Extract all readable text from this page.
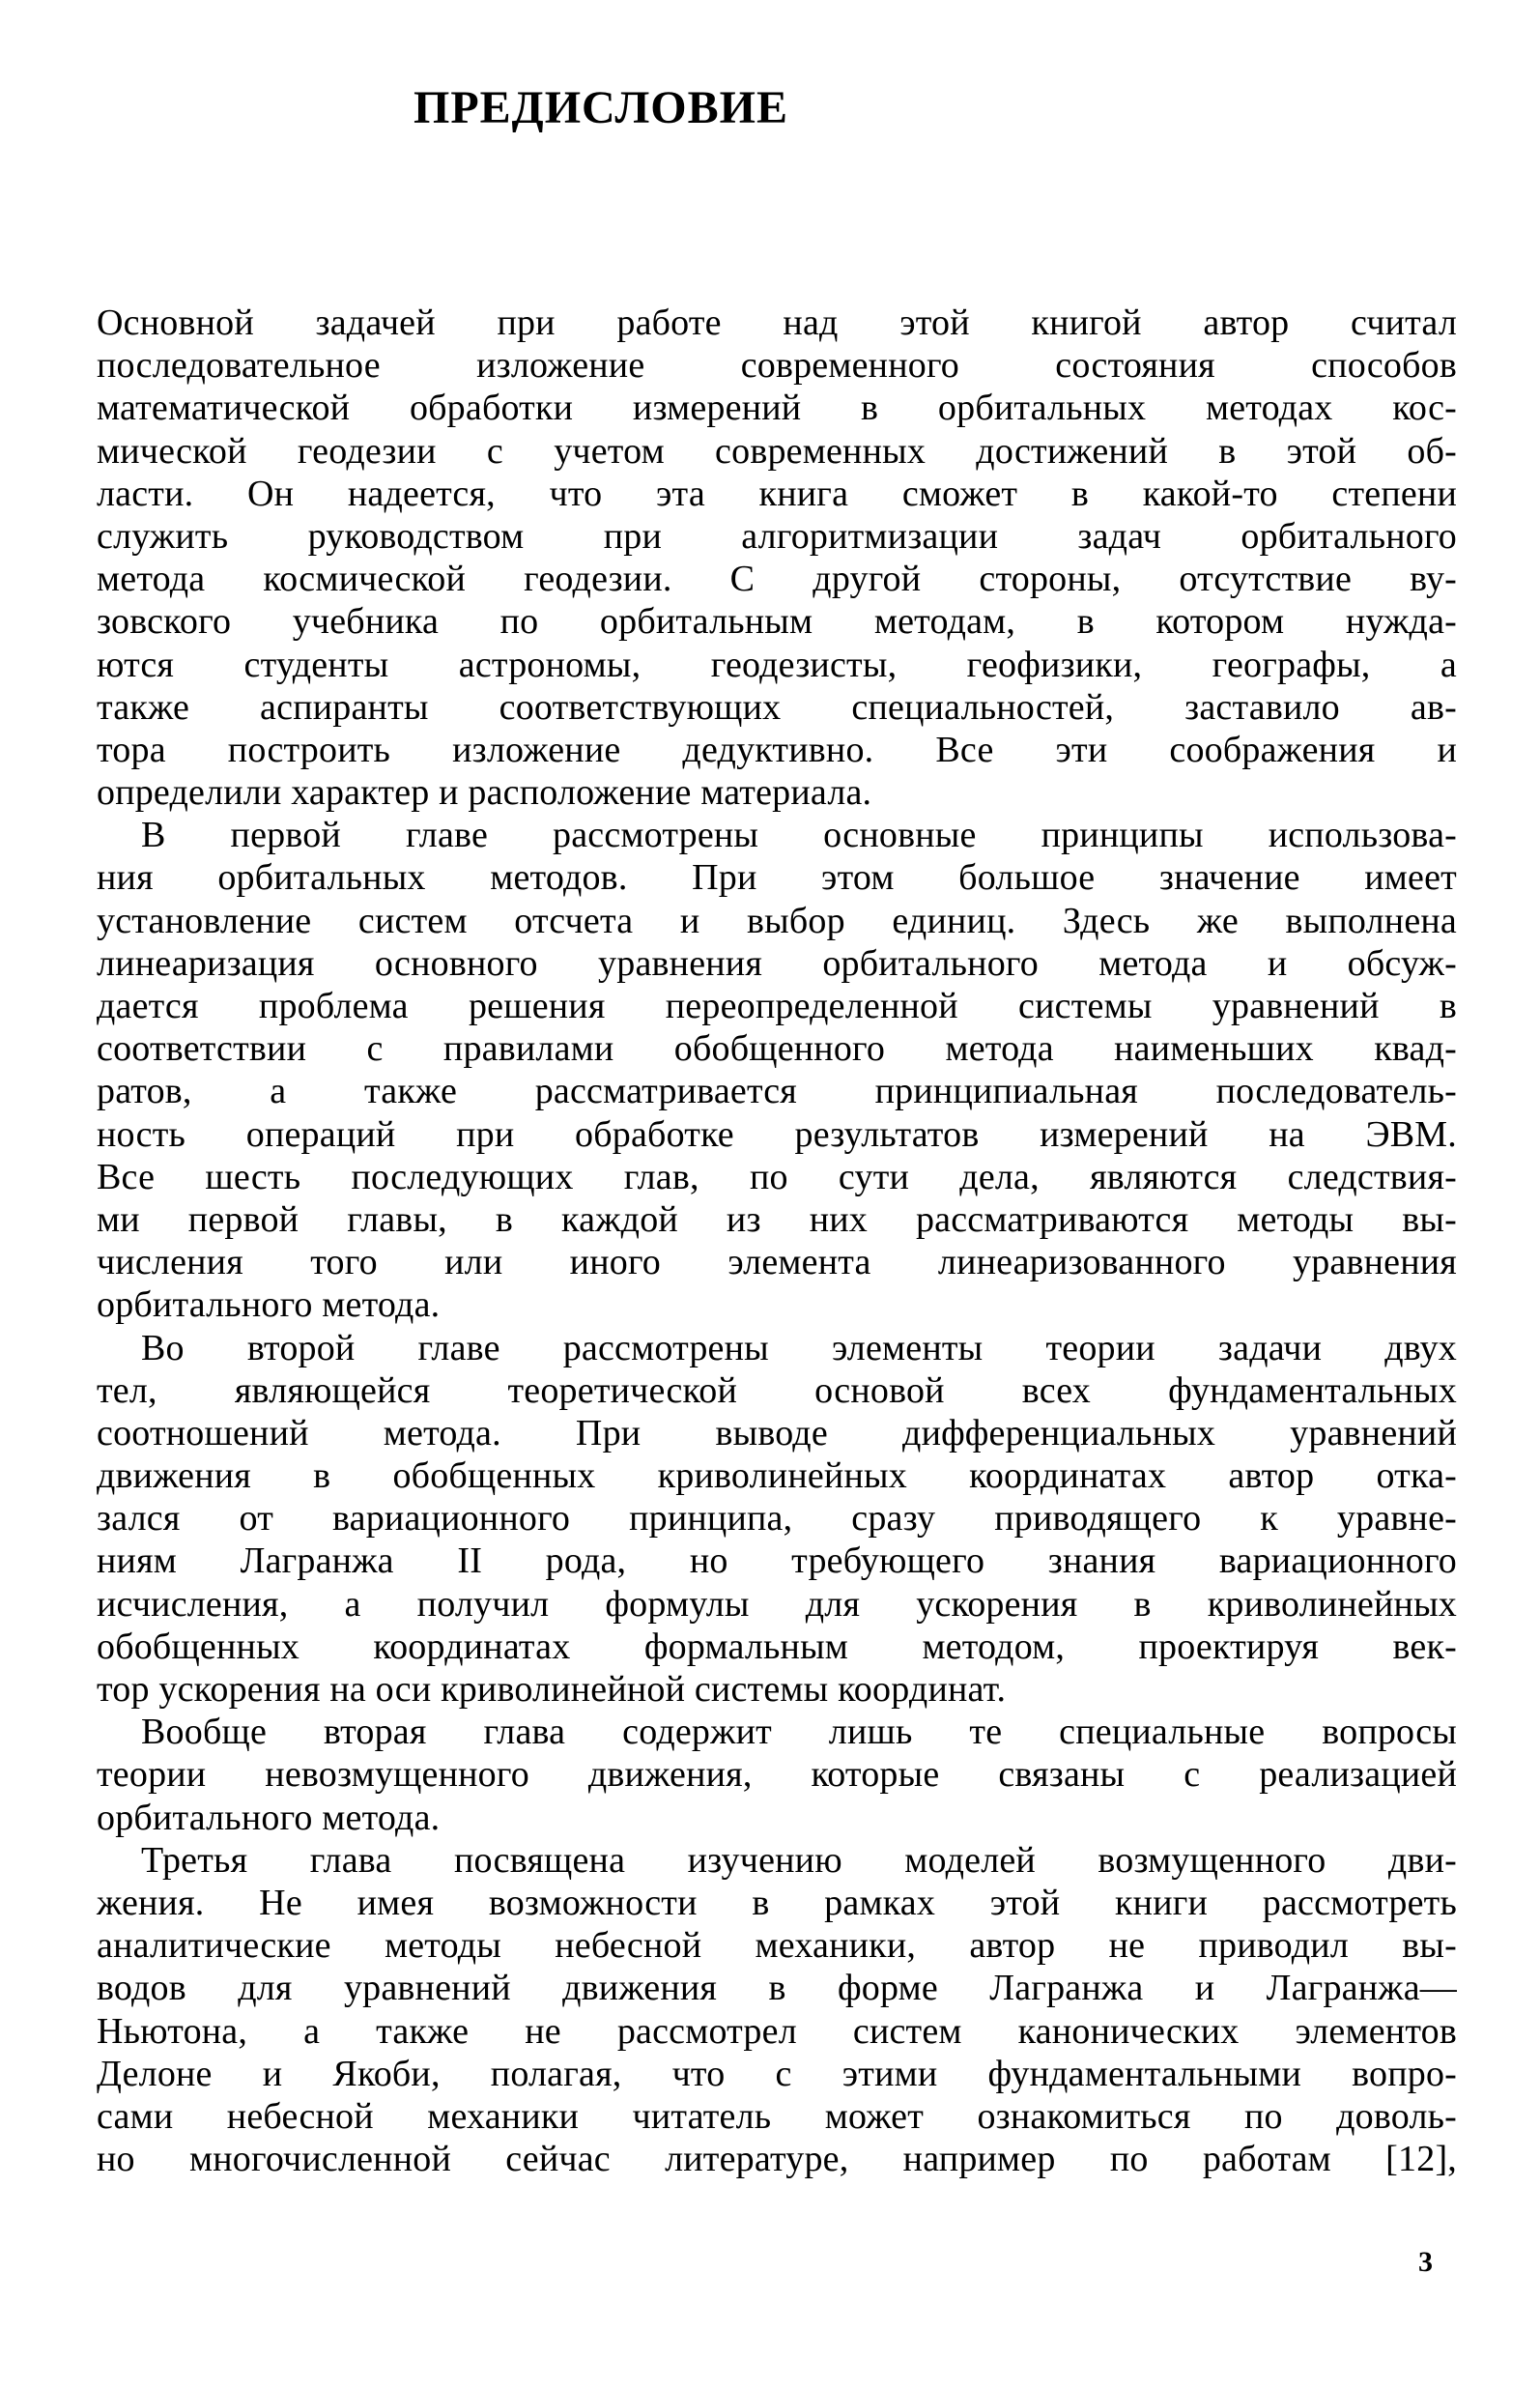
ПРЕДИСЛОВИЕ
Основной задачей при работе над этой книгой автор считал
последовательное изложение современного состояния способов
математической обработки измерений в орбитальных методах кос-
мической геодезии с учетом современных достижений в этой об-
ласти. Он надеется, что эта книга сможет в какой-то степени
служить руководством при алгоритмизации задач орбитального
метода космической геодезии. С другой стороны, отсутствие ву-
зовского учебника по орбитальным методам, в котором нужда-
ются студенты астрономы, геодезисты, геофизики, географы, а
также аспиранты соответствующих специальностей, заставило ав-
тора построить изложение дедуктивно. Все эти соображения и
определили характер и расположение материала.
В первой главе рассмотрены основные принципы использова-
ния орбитальных методов. При этом большое значение имеет
установление систем отсчета и выбор единиц. Здесь же выполнена
линеаризация основного уравнения орбитального метода и обсуж-
дается проблема решения переопределенной системы уравнений в
соответствии с правилами обобщенного метода наименьших квад-
ратов, а также рассматривается принципиальная последователь-
ность операций при обработке результатов измерений на ЭВМ.
Все шесть последующих глав, по сути дела, являются следствия-
ми первой главы, в каждой из них рассматриваются методы вы-
числения того или иного элемента линеаризованного уравнения
орбитального метода.
Во второй главе рассмотрены элементы теории задачи двух
тел, являющейся теоретической основой всех фундаментальных
соотношений метода. При выводе дифференциальных уравнений
движения в обобщенных криволинейных координатах автор отка-
зался от вариационного принципа, сразу приводящего к уравне-
ниям Лагранжа II рода, но требующего знания вариационного
исчисления, а получил формулы для ускорения в криволинейных
обобщенных координатах формальным методом, проектируя век-
тор ускорения на оси криволинейной системы координат.
Вообще вторая глава содержит лишь те специальные вопросы
теории невозмущенного движения, которые связаны с реализацией
орбитального метода.
Третья глава посвящена изучению моделей возмущенного дви-
жения. Не имея возможности в рамках этой книги рассмотреть
аналитические методы небесной механики, автор не приводил вы-
водов для уравнений движения в форме Лагранжа и Лагранжа—
Ньютона, а также не рассмотрел систем канонических элементов
Делоне и Якоби, полагая, что с этими фундаментальными вопро-
сами небесной механики читатель может ознакомиться по доволь-
но многочисленной сейчас литературе, например по работам [12],
3
